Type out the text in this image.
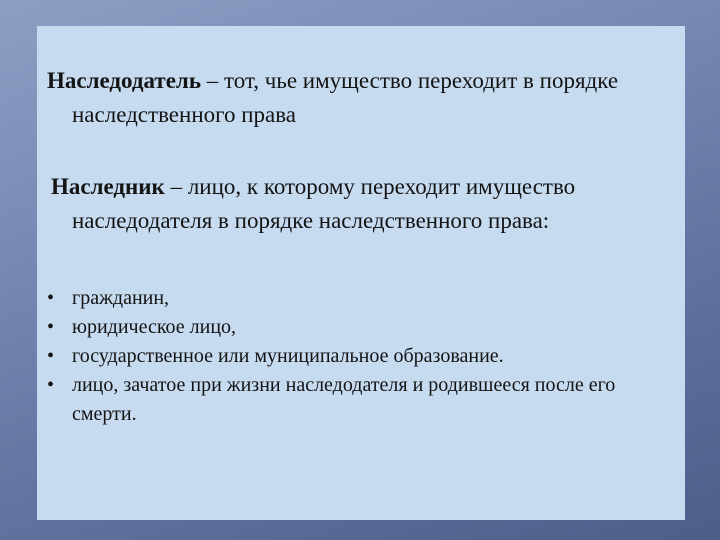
Наследодатель – тот, чье имущество переходит в порядке наследственного права

Наследник – лицо, к которому переходит имущество наследодателя в порядке наследственного права:

• гражданин,
• юридическое лицо,
• государственное или муниципальное образование.
• лицо, зачатое при жизни наследодателя и родившееся после его смерти.
